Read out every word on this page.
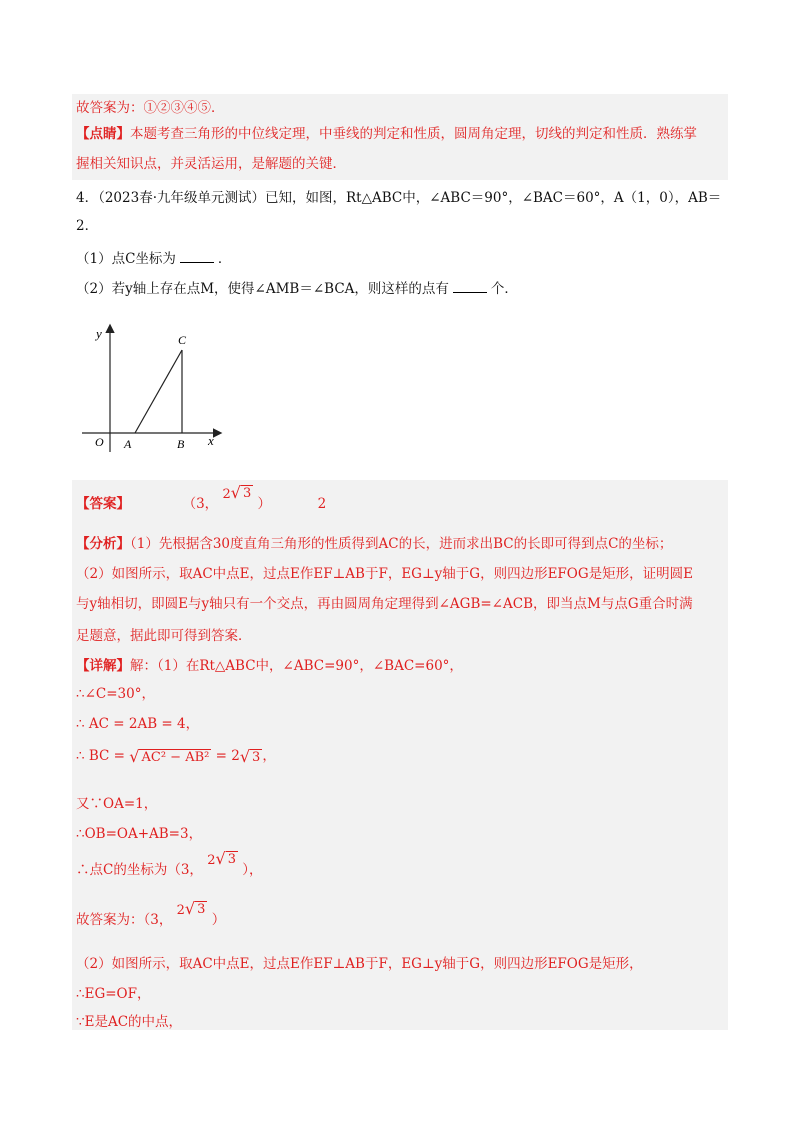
故答案为：①②③④⑤．
【点睛】本题考查三角形的中位线定理，中垂线的判定和性质，圆周角定理，切线的判定和性质．熟练掌
握相关知识点，并灵活运用，是解题的关键．
4．（2023春·九年级单元测试）已知，如图，Rt△ABC中，∠ABC＝90°，∠BAC＝60°，A（1，0），AB＝
2．
（1）点C坐标为	．
（2）若y轴上存在点M，使得∠AMB＝∠BCA，则这样的点有	个．
y
x
O A	B
C
【答案】	（3，
2 √ 3
）	2
【分析】（1）先根据含30度直角三角形的性质得到AC的长，进而求出BC的长即可得到点C的坐标；
（2）如图所示，取AC中点E，过点E作EF⊥AB于F，EG⊥y轴于G，则四边形EFOG是矩形，证明圆E
与y轴相切，即圆E与y轴只有一个交点，再由圆周角定理得到∠AGB=∠ACB，即当点M与点G重合时满
足题意，据此即可得到答案．
【详解】解：（1）在Rt△ABC中，∠ABC=90°，∠BAC=60°，
∴∠C=30°，
∴ AC = 2AB = 4，
∴ BC = √ AC² − AB² = 2 √ 3 ，
又∵OA=1，
∴OB=OA+AB=3，
∴点C的坐标为（3，
2 √ 3
），
故答案为：（3，
2 √ 3
）
（2）如图所示，取AC中点E，过点E作EF⊥AB于F，EG⊥y轴于G，则四边形EFOG是矩形，
∴EG=OF，
∵E是AC的中点，
